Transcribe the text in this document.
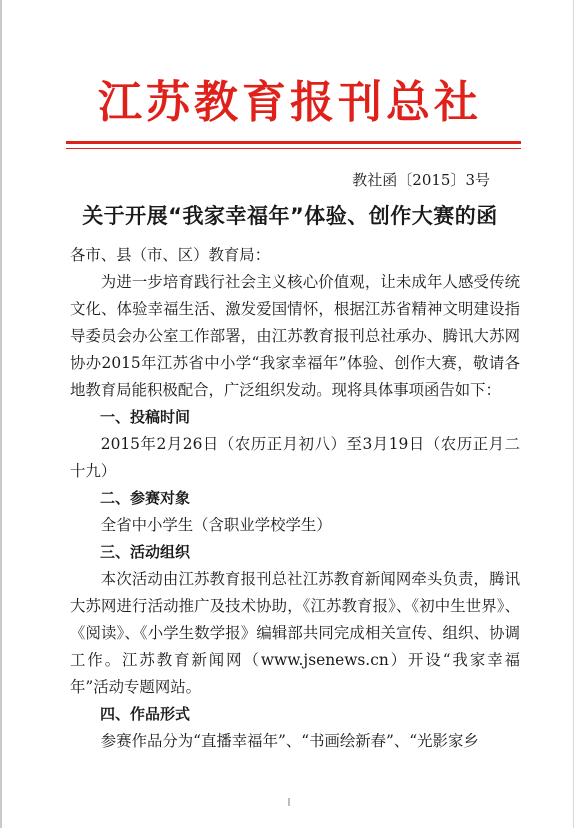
江苏教育报刊总社
教社函〔2015〕3号
关于开展“我家幸福年”体验、创作大赛的函

各市、县（市、区）教育局：

为进一步培育践行社会主义核心价值观，让未成年人感受传统文化、体验幸福生活、激发爱国情怀，根据江苏省精神文明建设指导委员会办公室工作部署，由江苏教育报刊总社承办、腾讯大苏网协办2015年江苏省中小学“我家幸福年”体验、创作大赛，敬请各地教育局能积极配合，广泛组织发动。现将具体事项函告如下：

一、投稿时间

2015年2月26日（农历正月初八）至3月19日（农历正月二十九）

二、参赛对象

全省中小学生（含职业学校学生）

三、活动组织

本次活动由江苏教育报刊总社江苏教育新闻网牵头负责，腾讯大苏网进行活动推广及技术协助，《江苏教育报》、《初中生世界》、《阅读》、《小学生数学报》编辑部共同完成相关宣传、组织、协调工作。江苏教育新闻网（www.jsenews.cn）开设“我家幸福年”活动专题网站。

四、作品形式

参赛作品分为“直播幸福年”、“书画绘新春”、“光影家乡
